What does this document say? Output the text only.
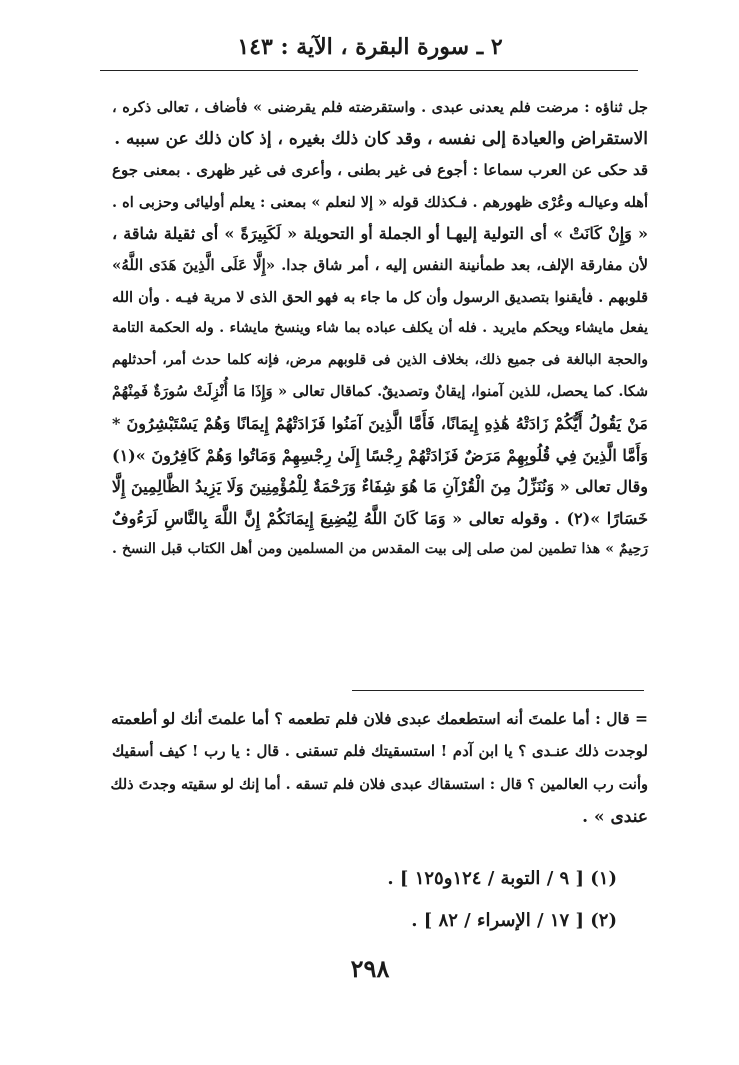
٢ ـ سورة البقرة ، الآية : ١٤٣
جل ثناؤه : مرضت فلم يعدنى عبدى . واستقرضته فلم يقرضنى » فأضاف ، تعالى ذكره ،
الاستقراض والعيادة إلى نفسه ، وقد كان ذلك بغيره ، إذ كان ذلك عن سببه .
قد حكى عن العرب سماعا : أجوع فى غير بطنى ، وأعرى فى غير ظهرى . بمعنى جوع
أهله وعيالـه وعُرْى ظهورهم . فـكذلك قوله « إلا لنعلم » بمعنى : يعلم أوليائى وحزبى اه .
« وَإِنْ كَانَتْ » أى التولية إليهـا أو الجملة أو التحويلة « لَكَبِيرَةً » أى ثقيلة شاقة ،
لأن مفارقة الإلف، بعد طمأنينة النفس إليه ، أمر شاق جدا. «إِلَّا عَلَى الَّذِينَ هَدَى اللَّهُ»
قلوبهم . فأيقنوا بتصديق الرسول وأن كل ما جاء به فهو الحق الذى لا مرية فيـه . وأن الله
يفعل مايشاء ويحكم مايريد . فله أن يكلف عباده بما شاء وينسخ مايشاء . وله الحكمة التامة
والحجة البالغة فى جميع ذلك، بخلاف الذين فى قلوبهم مرض، فإنه كلما حدث أمر، أحدثلهم
شكا. كما يحصل، للذين آمنوا، إيقانٌ وتصديقٌ. كماقال تعالى « وَإِذَا مَا أُنْزِلَتْ سُورَةٌ فَمِنْهُمْ
مَنْ يَقُولُ أَيُّكُمْ زَادَتْهُ هَٰذِهِ إِيمَانًا، فَأَمَّا الَّذِينَ آمَنُوا فَزَادَتْهُمْ إِيمَانًا وَهُمْ يَسْتَبْشِرُونَ *
وَأَمَّا الَّذِينَ فِي قُلُوبِهِمْ مَرَضٌ فَزَادَتْهُمْ رِجْسًا إِلَىٰ رِجْسِهِمْ وَمَاتُوا وَهُمْ كَافِرُونَ »(١)
وقال تعالى « وَنُنَزِّلُ مِنَ الْقُرْآنِ مَا هُوَ شِفَاءٌ وَرَحْمَةٌ لِلْمُؤْمِنِينَ وَلَا يَزِيدُ الظَّالِمِينَ إِلَّا
خَسَارًا »(٢) . وقوله تعالى « وَمَا كَانَ اللَّهُ لِيُضِيعَ إِيمَانَكُمْ إِنَّ اللَّهَ بِالنَّاسِ لَرَءُوفٌ
رَحِيمٌ » هذا تطمين لمن صلى إلى بيت المقدس من المسلمين ومن أهل الكتاب قبل النسخ .
= قال : أما علمتَ أنه استطعمك عبدى فلان فلم تطعمه ؟ أما علمتَ أنك لو أطعمته
لوجدت ذلك عنـدى ؟ يا ابن آدم ! استسقيتك فلم تسقنى . قال : يا رب ! كيف أسقيك
وأنت رب العالمين ؟ قال : استسقاك عبدى فلان فلم تسقه . أما إنك لو سقيته وجدتَ ذلك
عندى » .
(١) [ ٩ / التوبة / ١٢٤و١٢٥ ] .
(٢) [ ١٧ / الإسراء / ٨٢ ] .
٢٩٨
